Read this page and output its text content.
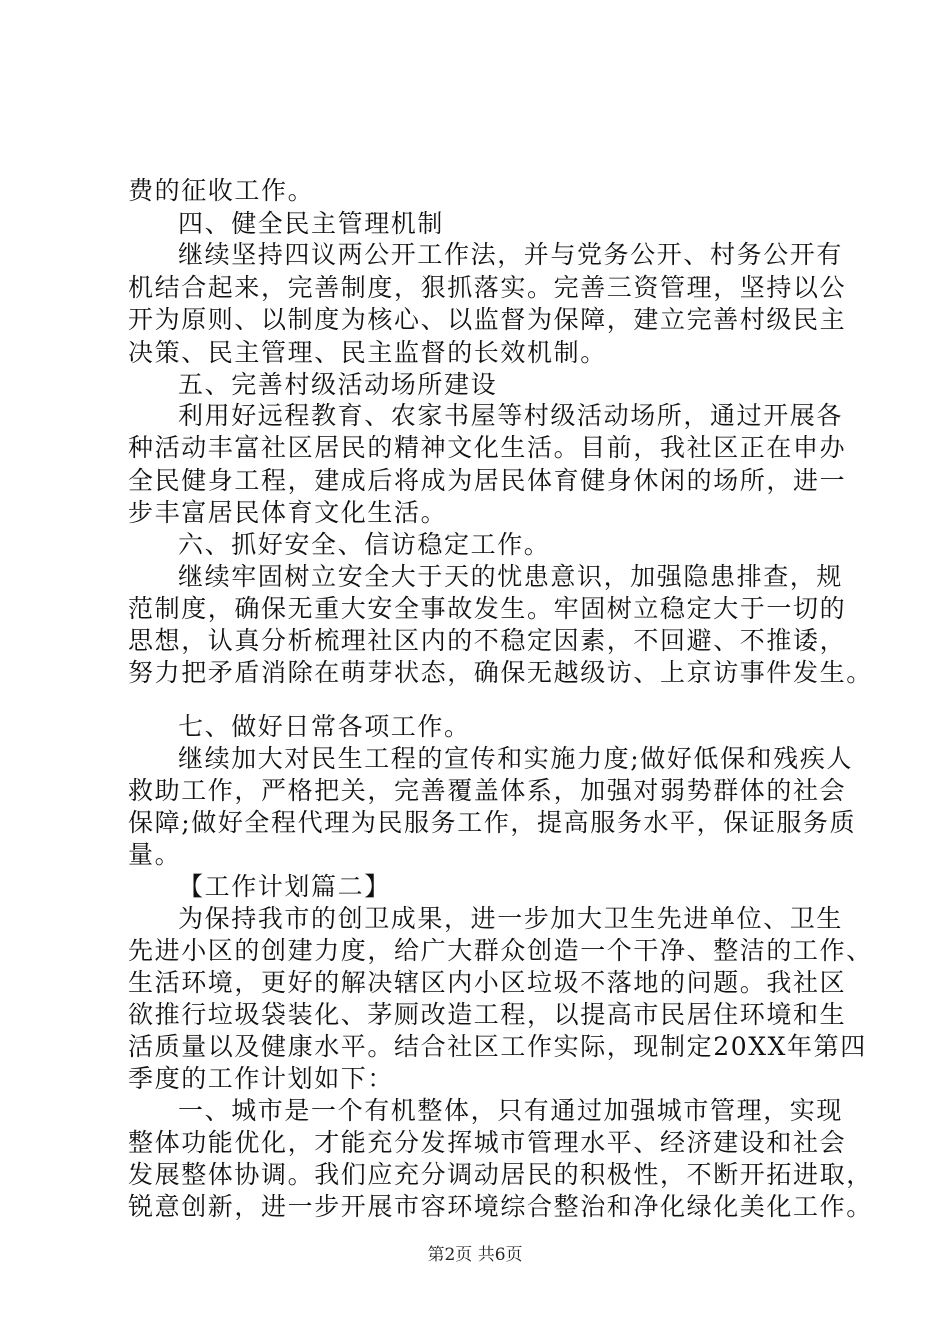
费的征收工作。
四、健全民主管理机制
继续坚持四议两公开工作法，并与党务公开、村务公开有
机结合起来，完善制度，狠抓落实。完善三资管理，坚持以公
开为原则、以制度为核心、以监督为保障，建立完善村级民主
决策、民主管理、民主监督的长效机制。
五、完善村级活动场所建设
利用好远程教育、农家书屋等村级活动场所，通过开展各
种活动丰富社区居民的精神文化生活。目前，我社区正在申办
全民健身工程，建成后将成为居民体育健身休闲的场所，进一
步丰富居民体育文化生活。
六、抓好安全、信访稳定工作。
继续牢固树立安全大于天的忧患意识，加强隐患排查，规
范制度，确保无重大安全事故发生。牢固树立稳定大于一切的
思想，认真分析梳理社区内的不稳定因素，不回避、不推诿，
努力把矛盾消除在萌芽状态，确保无越级访、上京访事件发生。
七、做好日常各项工作。
继续加大对民生工程的宣传和实施力度;做好低保和残疾人
救助工作，严格把关，完善覆盖体系，加强对弱势群体的社会
保障;做好全程代理为民服务工作，提高服务水平，保证服务质
量。
【工作计划篇二】
为保持我市的创卫成果，进一步加大卫生先进单位、卫生
先进小区的创建力度，给广大群众创造一个干净、整洁的工作、
生活环境，更好的解决辖区内小区垃圾不落地的问题。我社区
欲推行垃圾袋装化、茅厕改造工程，以提高市民居住环境和生
活质量以及健康水平。结合社区工作实际，现制定20XX年第四
季度的工作计划如下：
一、城市是一个有机整体，只有通过加强城市管理，实现
整体功能优化，才能充分发挥城市管理水平、经济建设和社会
发展整体协调。我们应充分调动居民的积极性，不断开拓进取，
锐意创新，进一步开展市容环境综合整治和净化绿化美化工作。
第2页 共6页
